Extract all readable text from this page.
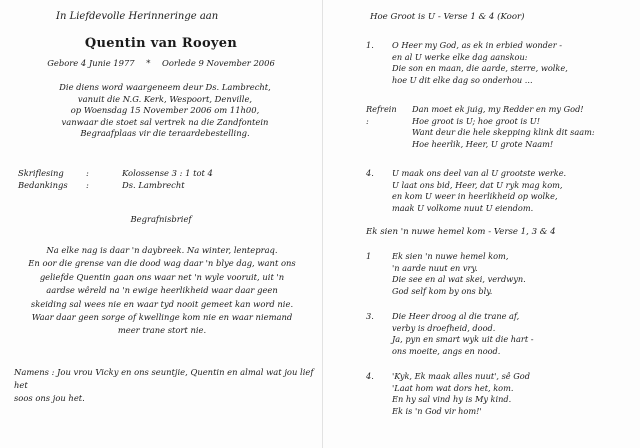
In Liefdevolle Herinneringe aan
Quentin van Rooyen
Gebore 4 Junie 1977 * Oorlede 9 November 2006
Die diens word waargeneem deur Ds. Lambrecht,
vanuit die N.G. Kerk, Wespoort, Denville,
op Woensdag 15 November 2006 om 11h00,
vanwaar die stoet sal vertrek na die Zandfontein
Begraafplaas vir die teraardebestelling.
Skriflesing	:	Kolossense 3 : 1 tot 4
Bedankings	:	Ds. Lambrecht
Begrafnisbrief
Na elke nag is daar 'n daybreek. Na winter, lentepraq.
En oor die grense van die dood wag daar 'n blye dag, want ons
geliefde Quentin gaan ons waar net 'n wyle vooruit, uit 'n
aardse wêreld na 'n ewige heerlikheid waar daar geen
skeiding sal wees nie en waar tyd nooit gemeet kan word nie.
Waar daar geen sorge of kwellinge kom nie en waar niemand
meer trane stort nie.
Namens : Jou vrou Vicky en ons seuntjie, Quentin en almal wat jou lief het
soos ons jou het.
Hoe Groot is U - Verse 1 & 4 (Koor)
1. O Heer my God, as ek in erbied wonder -
en al U werke elke dag aanskou:
Die son en maan, die aarde, sterre, wolke,
hoe U dit elke dag so onderhou ...
Refrein :
Dan moet ek juig, my Redder en my God!
Hoe groot is U; hoe groot is U!
Want deur die hele skepping klink dit saam:
Hoe heerlik, Heer, U grote Naam!
4. U maak ons deel van al U grootste werke.
U laat ons bid, Heer, dat U ryk mag kom,
en kom U weer in heerlikheid op wolke,
maak U volkome nuut U eiendom.
Ek sien 'n nuwe hemel kom - Verse 1, 3 & 4
1	Ek sien 'n nuwe hemel kom,
'n aarde nuut en vry.
Die see en al wat skei, verdwyn.
God self kom by ons bly.
3. Die Heer droog al die trane af,
verby is droefheid, dood.
Ja, pyn en smart wyk uit die hart -
ons moeite, angs en nood.
4. 'Kyk, Ek maak alles nuut', sê God
'Laat hom wat dors het, kom.
En hy sal vind hy is My kind.
Ek is 'n God vir hom!'
